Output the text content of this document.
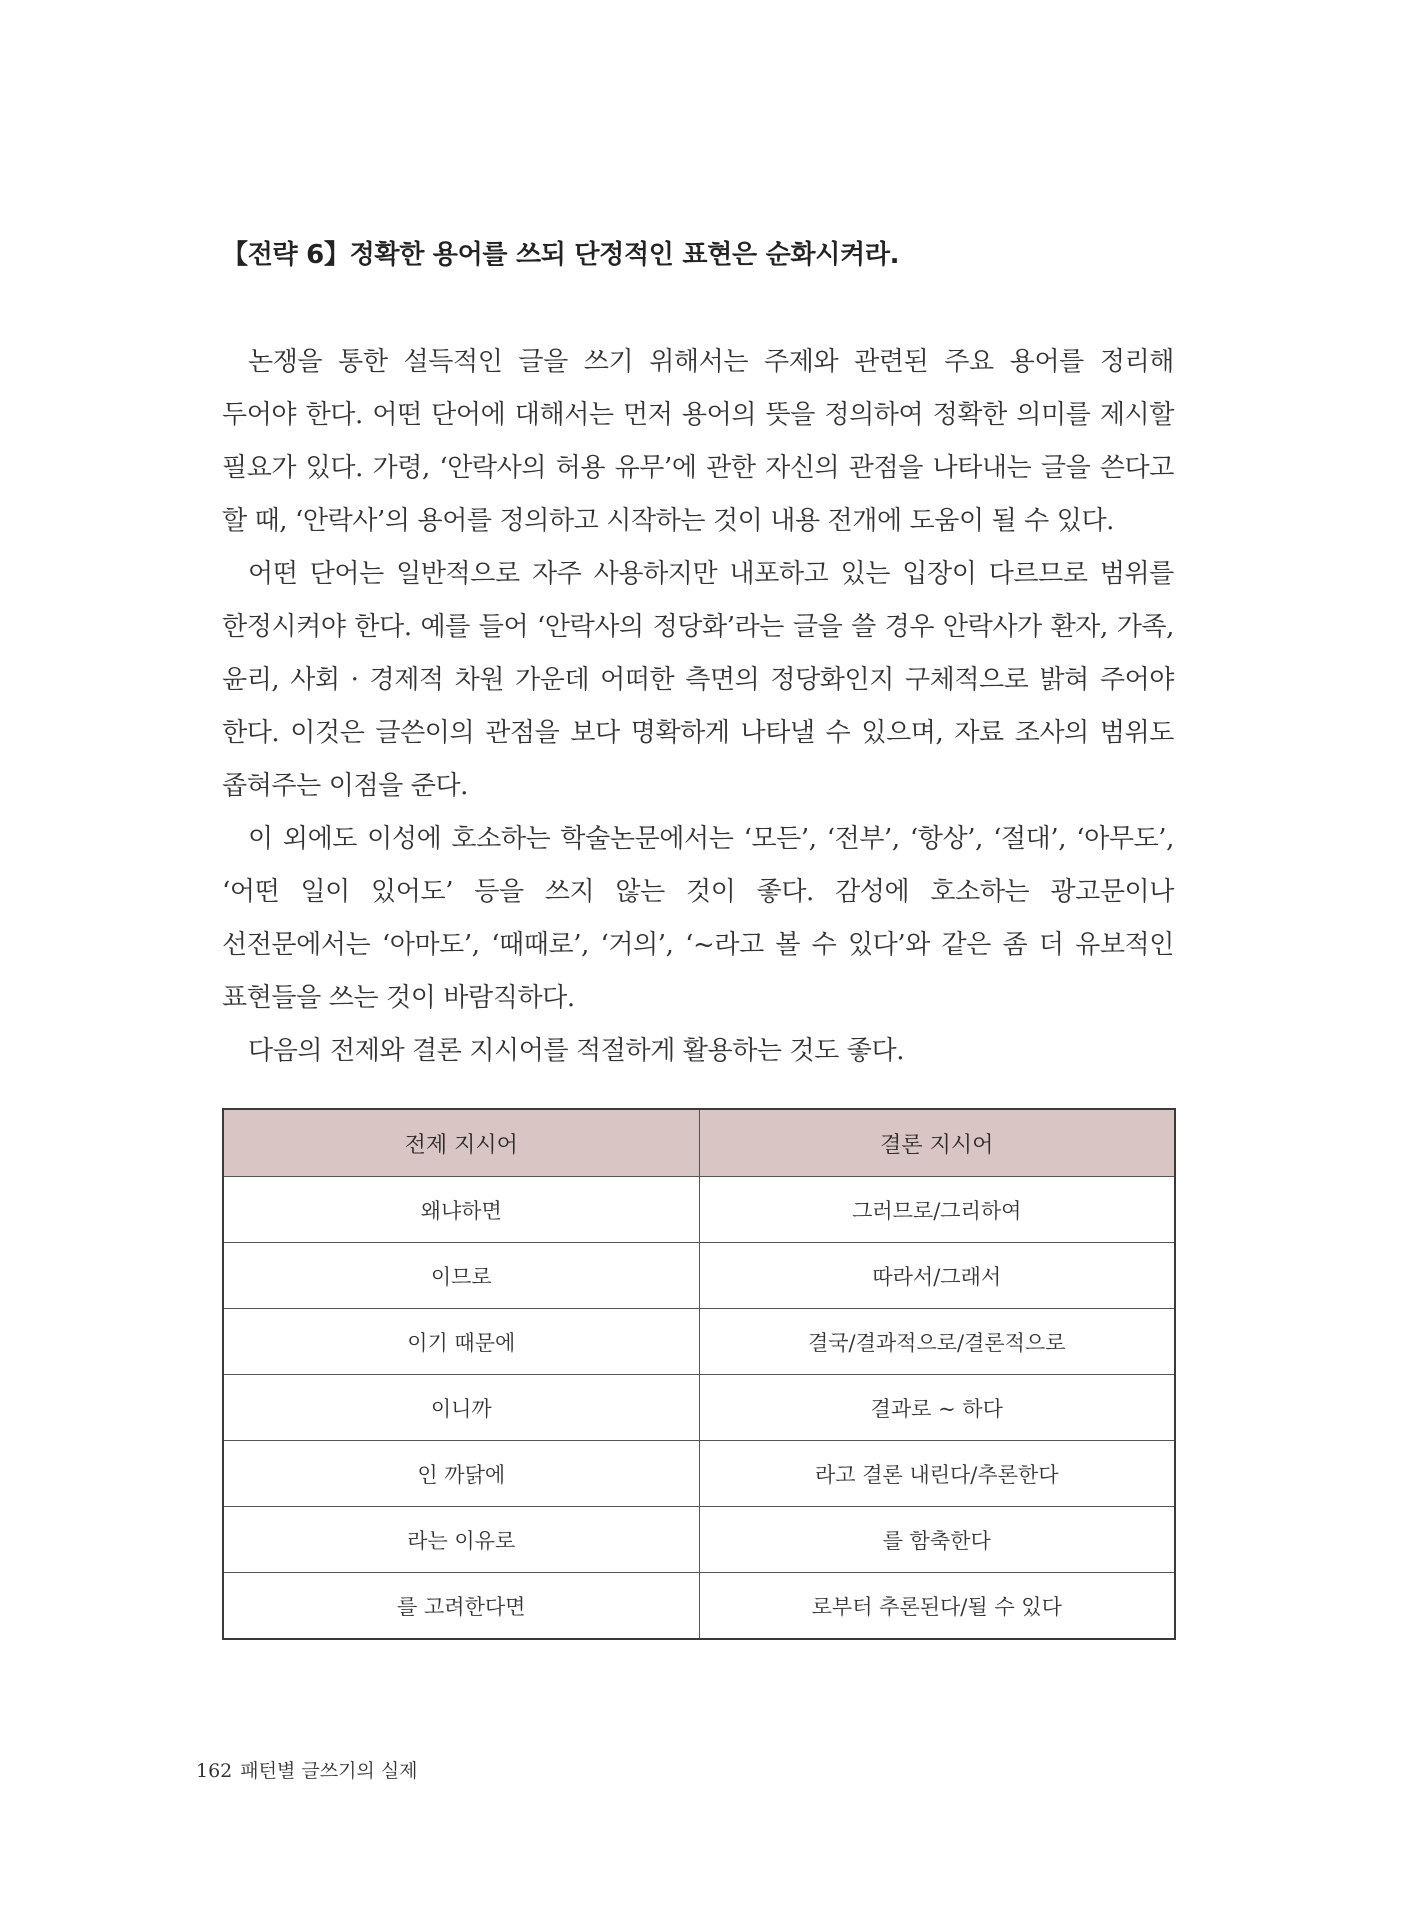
【전략 6】정확한 용어를 쓰되 단정적인 표현은 순화시켜라.

논쟁을 통한 설득적인 글을 쓰기 위해서는 주제와 관련된 주요 용어를 정리해 두어야 한다. 어떤 단어에 대해서는 먼저 용어의 뜻을 정의하여 정확한 의미를 제시할 필요가 있다. 가령, ‘안락사의 허용 유무’에 관한 자신의 관점을 나타내는 글을 쓴다고 할 때, ‘안락사’의 용어를 정의하고 시작하는 것이 내용 전개에 도움이 될 수 있다.

어떤 단어는 일반적으로 자주 사용하지만 내포하고 있는 입장이 다르므로 범위를 한정시켜야 한다. 예를 들어 ‘안락사의 정당화’라는 글을 쓸 경우 안락사가 환자, 가족, 윤리, 사회 · 경제적 차원 가운데 어떠한 측면의 정당화인지 구체적으로 밝혀 주어야 한다. 이것은 글쓴이의 관점을 보다 명확하게 나타낼 수 있으며, 자료 조사의 범위도 좁혀주는 이점을 준다.

이 외에도 이성에 호소하는 학술논문에서는 ‘모든’, ‘전부’, ‘항상’, ‘절대’, ‘아무도’, ‘어떤 일이 있어도’ 등을 쓰지 않는 것이 좋다. 감성에 호소하는 광고문이나 선전문에서는 ‘아마도’, ‘때때로’, ‘거의’, ‘~라고 볼 수 있다’와 같은 좀 더 유보적인 표현들을 쓰는 것이 바람직하다.

다음의 전제와 결론 지시어를 적절하게 활용하는 것도 좋다.

전제 지시어	결론 지시어
왜냐하면	그러므로/그리하여
이므로	따라서/그래서
이기 때문에	결국/결과적으로/결론적으로
이니까	결과로 ~ 하다
인 까닭에	라고 결론 내린다/추론한다
라는 이유로	를 함축한다
를 고려한다면	로부터 추론된다/될 수 있다
162 패턴별 글쓰기의 실제
